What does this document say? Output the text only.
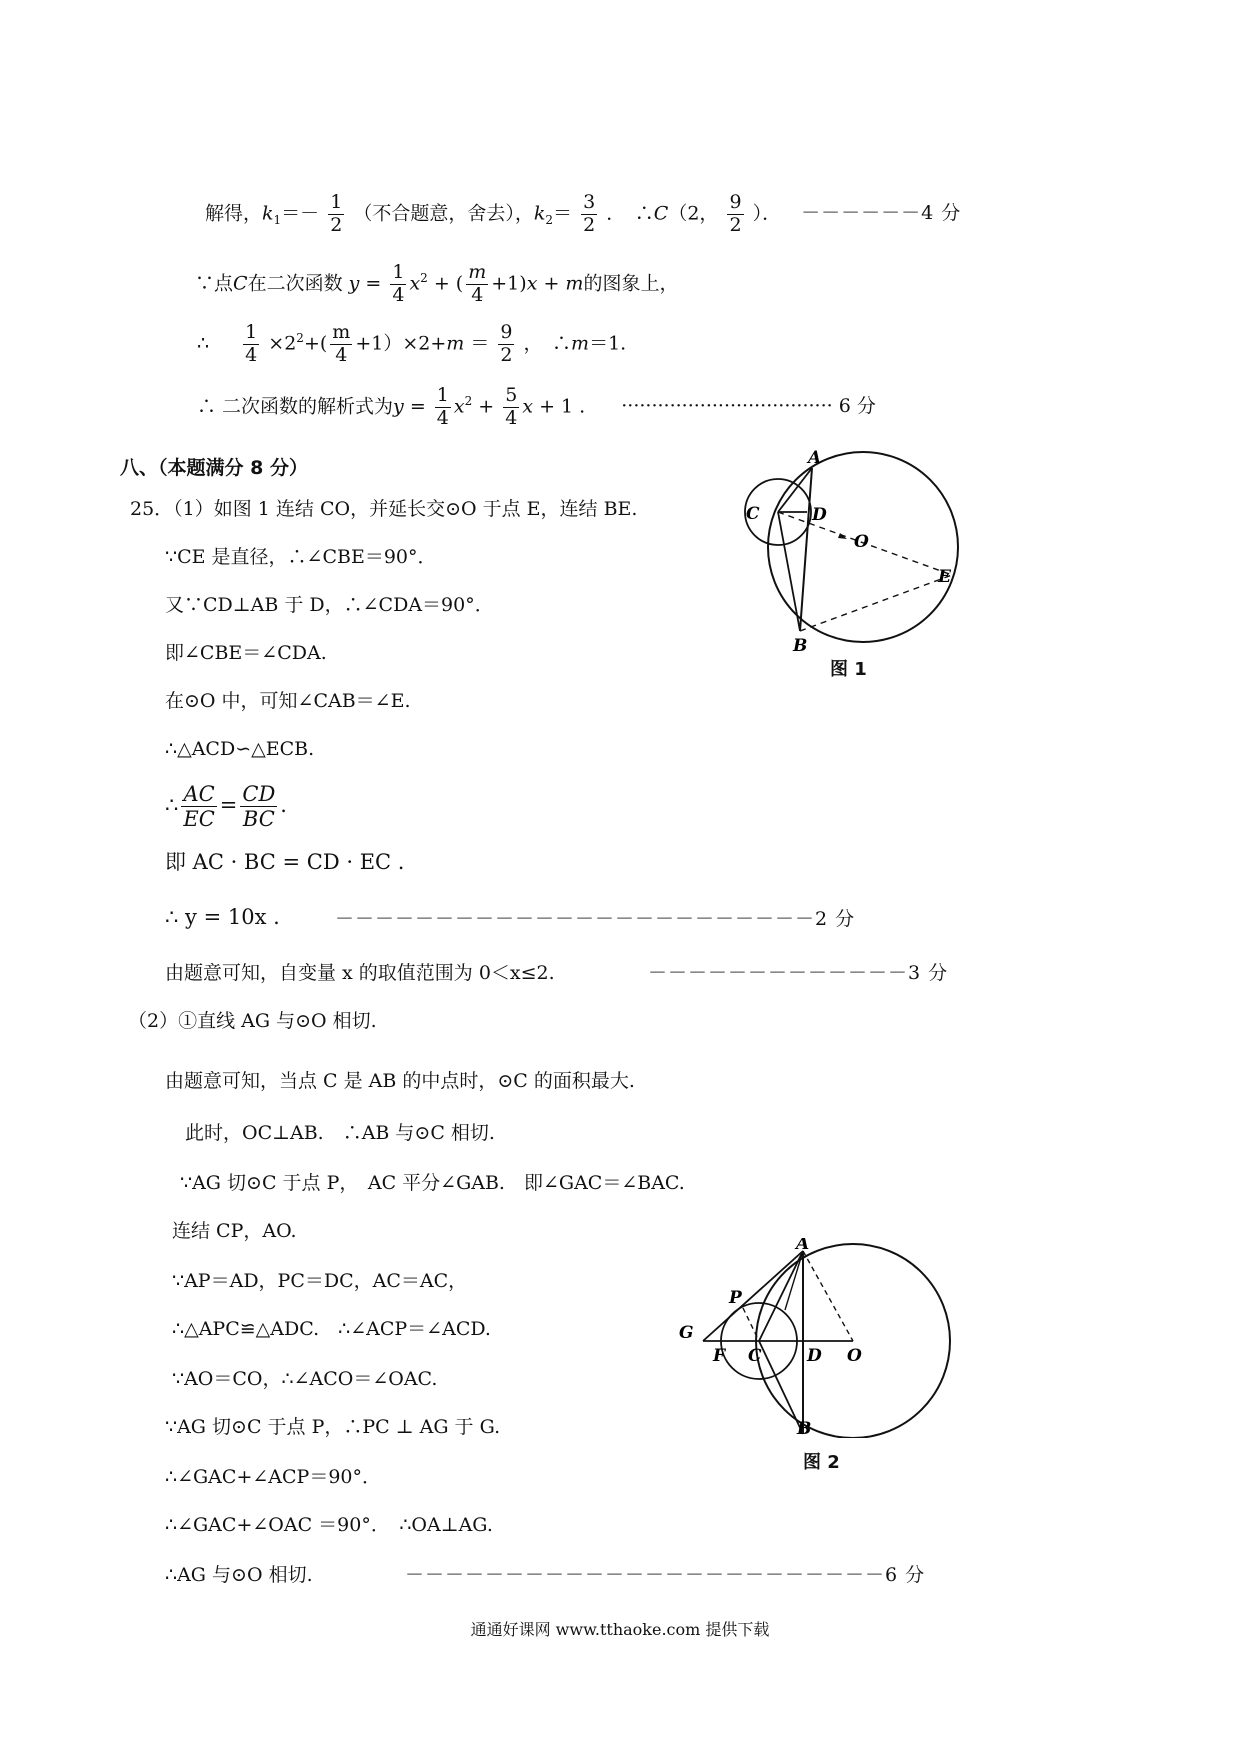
解得，$k_1=- \frac{1}{2}$ （不合题意，舍去），$k_2= \frac{3}{2}$ ．　∴C（2， $\frac{9}{2}$ ）． －－－－－－4 分
∵点C在二次函数 $y = \frac{1}{4} x^2$ + ( $\frac{m}{4} +1)x + m$的图象上，
∴ $\frac{1}{4} \times 2^2+( \frac{m}{4} +1)\times 2+m = \frac{9}{2}$ ，　∴m＝1.
∴ 二次函数的解析式为$y = \frac{1}{4} x^2 + \frac{5}{4}$ x + 1 . ··································· 6 分
八、（本题满分 8 分）
25．（1）如图 1 连结 CO，并延长交⊙O 于点 E，连结 BE.
∵CE 是直径，∴∠CBE＝90°．
又∵CD⊥AB 于 D，∴∠CDA＝90°．
即∠CBE＝∠CDA.
在⊙O 中，可知∠CAB＝∠E.
∴△ACD∽△ECB.
∴ $\frac{AC}{EC} = \frac{CD}{BC}$ .
即 AC · BC = CD · EC .
∴ y = 10x .	－－－－－－－－－－－－－－－－－－－－－－－－2 分
由题意可知，自变量 x 的取值范围为 0＜x≤2.	－－－－－－－－－－－－－3 分
（2）①直线 AG 与⊙O 相切.
由题意可知，当点 C 是 AB 的中点时，⊙C 的面积最大.
此时，OC⊥AB.　∴AB 与⊙C 相切.
∵AG 切⊙C 于点 P，　AC 平分∠GAB.　即∠GAC＝∠BAC.
连结 CP，AO.
∵AP＝AD，PC＝DC，AC＝AC，
∴△APC≌△ADC.　∴∠ACP＝∠ACD.
∵AO＝CO，∴∠ACO＝∠OAC.
∵AG 切⊙C 于点 P，∴PC ⊥ AG 于 G.
∴∠GAC+∠ACP＝90°．
∴∠GAC+∠OAC ＝90°．　∴OA⊥AG.
∴AG 与⊙O 相切.	－－－－－－－－－－－－－－－－－－－－－－－－6 分
A
C	D
O
E
B
图 1
A
P
G
F C	D O
B
图 2
通通好课网 www.tthaoke.com 提供下载
